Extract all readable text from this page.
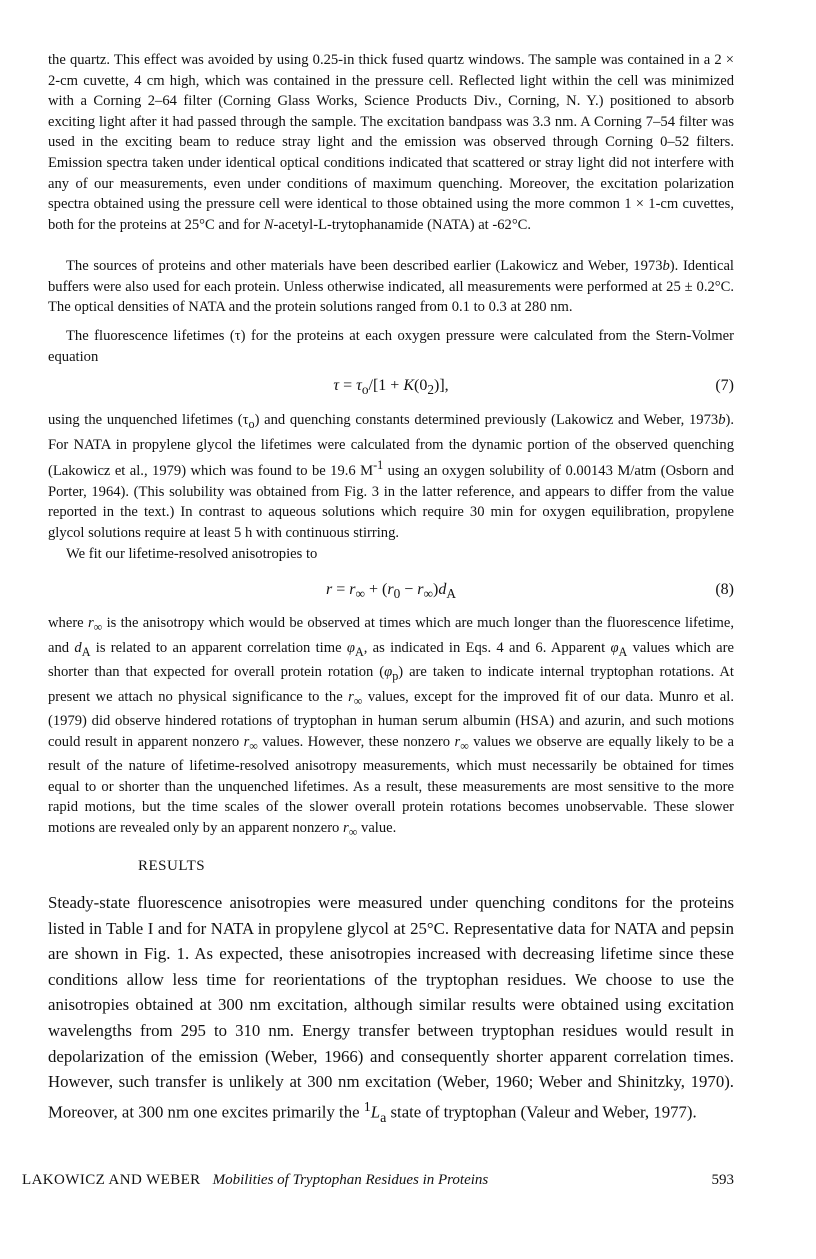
the quartz. This effect was avoided by using 0.25-in thick fused quartz windows. The sample was contained in a 2 × 2-cm cuvette, 4 cm high, which was contained in the pressure cell. Reflected light within the cell was minimized with a Corning 2–64 filter (Corning Glass Works, Science Products Div., Corning, N. Y.) positioned to absorb exciting light after it had passed through the sample. The excitation bandpass was 3.3 nm. A Corning 7–54 filter was used in the exciting beam to reduce stray light and the emission was observed through Corning 0–52 filters. Emission spectra taken under identical optical conditions indicated that scattered or stray light did not interfere with any of our measurements, even under conditions of maximum quenching. Moreover, the excitation polarization spectra obtained using the pressure cell were identical to those obtained using the more common 1 × 1-cm cuvettes, both for the proteins at 25°C and for N-acetyl-L-trytophanamide (NATA) at -62°C.

The sources of proteins and other materials have been described earlier (Lakowicz and Weber, 1973b). Identical buffers were also used for each protein. Unless otherwise indicated, all measurements were performed at 25 ± 0.2°C. The optical densities of NATA and the protein solutions ranged from 0.1 to 0.3 at 280 nm.

The fluorescence lifetimes (τ) for the proteins at each oxygen pressure were calculated from the Stern-Volmer equation

$\tau = \tau_o/[1 + K(0_2)]$,	(7)

using the unquenched lifetimes $(\tau_o)$ and quenching constants determined previously (Lakowicz and Weber, 1973b). For NATA in propylene glycol the lifetimes were calculated from the dynamic portion of the observed quenching (Lakowicz et al., 1979) which was found to be 19.6 $M^{-1}$ using an oxygen solubility of 0.00143 M/atm (Osborn and Porter, 1964). (This solubility was obtained from Fig. 3 in the latter reference, and appears to differ from the value reported in the text.) In contrast to aqueous solutions which require 30 min for oxygen equilibration, propylene glycol solutions require at least 5 h with continuous stirring.

We fit our lifetime-resolved anisotropies to

$r = r_\infty + (r_0 - r_\infty)d_A$	(8)

where $r_\infty$ is the anisotropy which would be observed at times which are much longer than the fluorescence lifetime, and $d_A$ is related to an apparent correlation time $\varphi_A$, as indicated in Eqs. 4 and 6. Apparent $\varphi_A$ values which are shorter than that expected for overall protein rotation $(\varphi_p)$ are taken to indicate internal tryptophan rotations. At present we attach no physical significance to the $r_\infty$ values, except for the improved fit of our data. Munro et al. (1979) did observe hindered rotations of tryptophan in human serum albumin (HSA) and azurin, and such motions could result in apparent nonzero $r_\infty$ values. However, these nonzero $r_\infty$ values we observe are equally likely to be a result of the nature of lifetime-resolved anisotropy measurements, which must necessarily be obtained for times equal to or shorter than the unquenched lifetimes. As a result, these measurements are most sensitive to the more rapid motions, but the time scales of the slower overall protein rotations becomes unobservable. These slower motions are revealed only by an apparent nonzero $r_\infty$ value.

RESULTS

Steady-state fluorescence anisotropies were measured under quenching conditons for the proteins listed in Table I and for NATA in propylene glycol at 25°C. Representative data for NATA and pepsin are shown in Fig. 1. As expected, these anisotropies increased with decreasing lifetime since these conditions allow less time for reorientations of the tryptophan residues. We choose to use the anisotropies obtained at 300 nm excitation, although similar results were obtained using excitation wavelengths from 295 to 310 nm. Energy transfer between tryptophan residues would result in depolarization of the emission (Weber, 1966) and consequently shorter apparent correlation times. However, such transfer is unlikely at 300 nm excitation (Weber, 1960; Weber and Shinitzky, 1970). Moreover, at 300 nm one excites primarily the $^1L_a$ state of tryptophan (Valeur and Weber, 1977).

LAKOWICZ AND WEBER Mobilities of Tryptophan Residues in Proteins	593
